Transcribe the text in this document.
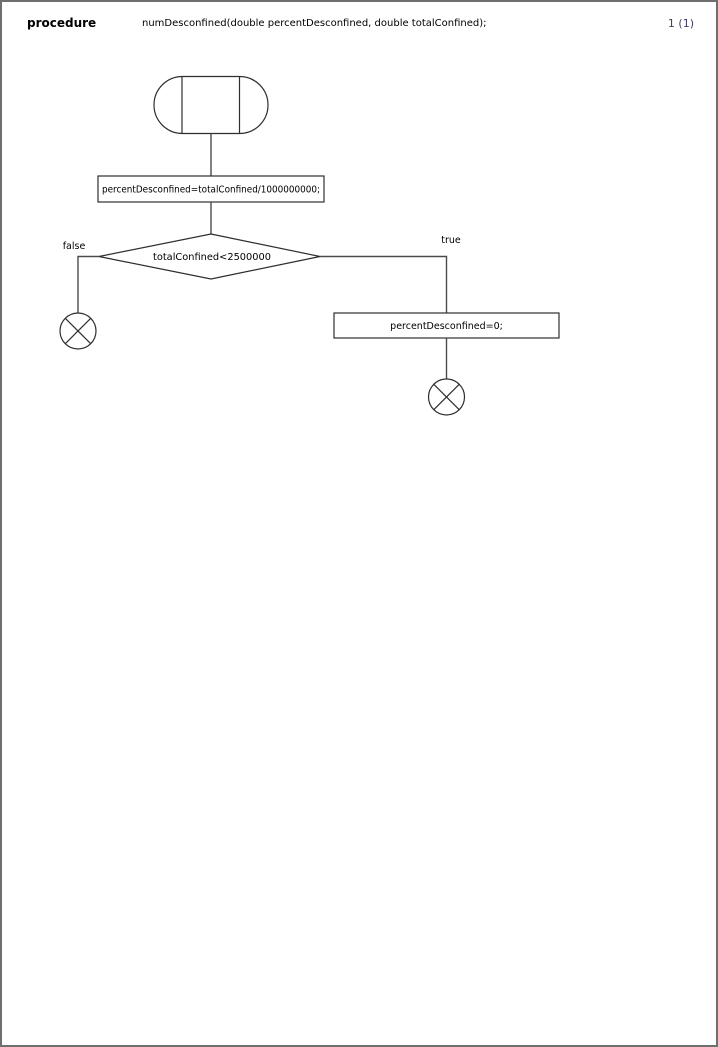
procedure	numDesconfined(double percentDesconfined, double totalConfined);	1 (1)
percentDesconfined=totalConfined/1000000000;
totalConfined<2500000
false
true
percentDesconfined=0;
